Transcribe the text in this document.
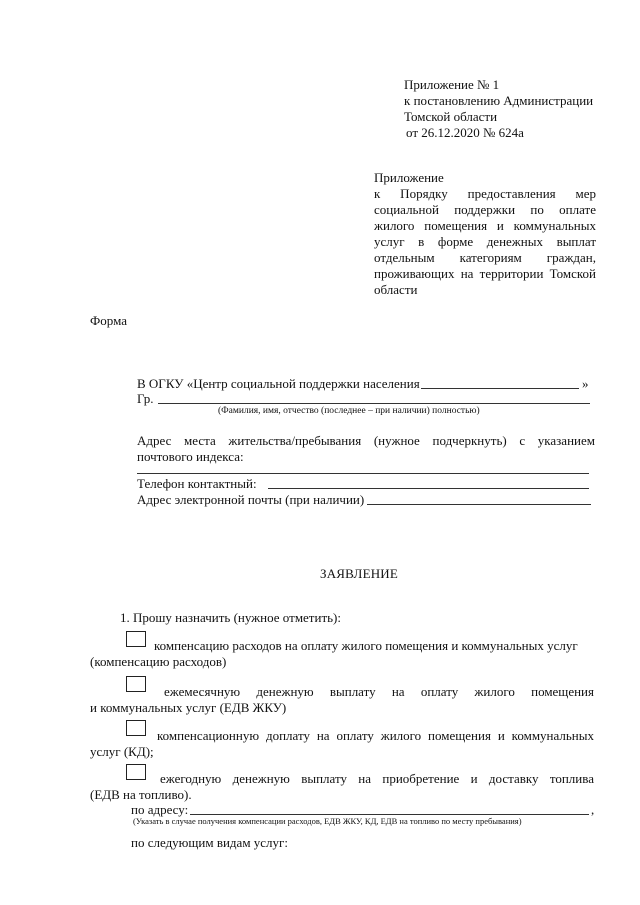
Приложение № 1
к постановлению Администрации
Томской области
от 26.12.2020 № 624а
Приложение
к Порядку предоставления мер
социальной поддержки по оплате
жилого помещения и коммунальных
услуг в форме денежных выплат
отдельным категориям граждан,
проживающих на территории Томской
области
Форма
В ОГКУ «Центр социальной поддержки населения	»
Гр.
(Фамилия, имя, отчество (последнее – при наличии) полностью)
Адрес места жительства/пребывания (нужное подчеркнуть) с указанием
почтового индекса:
Телефон контактный:
Адрес электронной почты (при наличии)
ЗАЯВЛЕНИЕ
1. Прошу назначить (нужное отметить):
компенсацию расходов на оплату жилого помещения и коммунальных услуг
(компенсацию расходов)
ежемесячную денежную выплату на оплату жилого помещения
и коммунальных услуг (ЕДВ ЖКУ)
компенсационную доплату на оплату жилого помещения и коммунальных
услуг (КД);
ежегодную денежную выплату на приобретение и доставку топлива
(ЕДВ на топливо).
по адресу:	,
(Указать в случае получения компенсации расходов, ЕДВ ЖКУ, КД, ЕДВ на топливо по месту пребывания)
по следующим видам услуг:
